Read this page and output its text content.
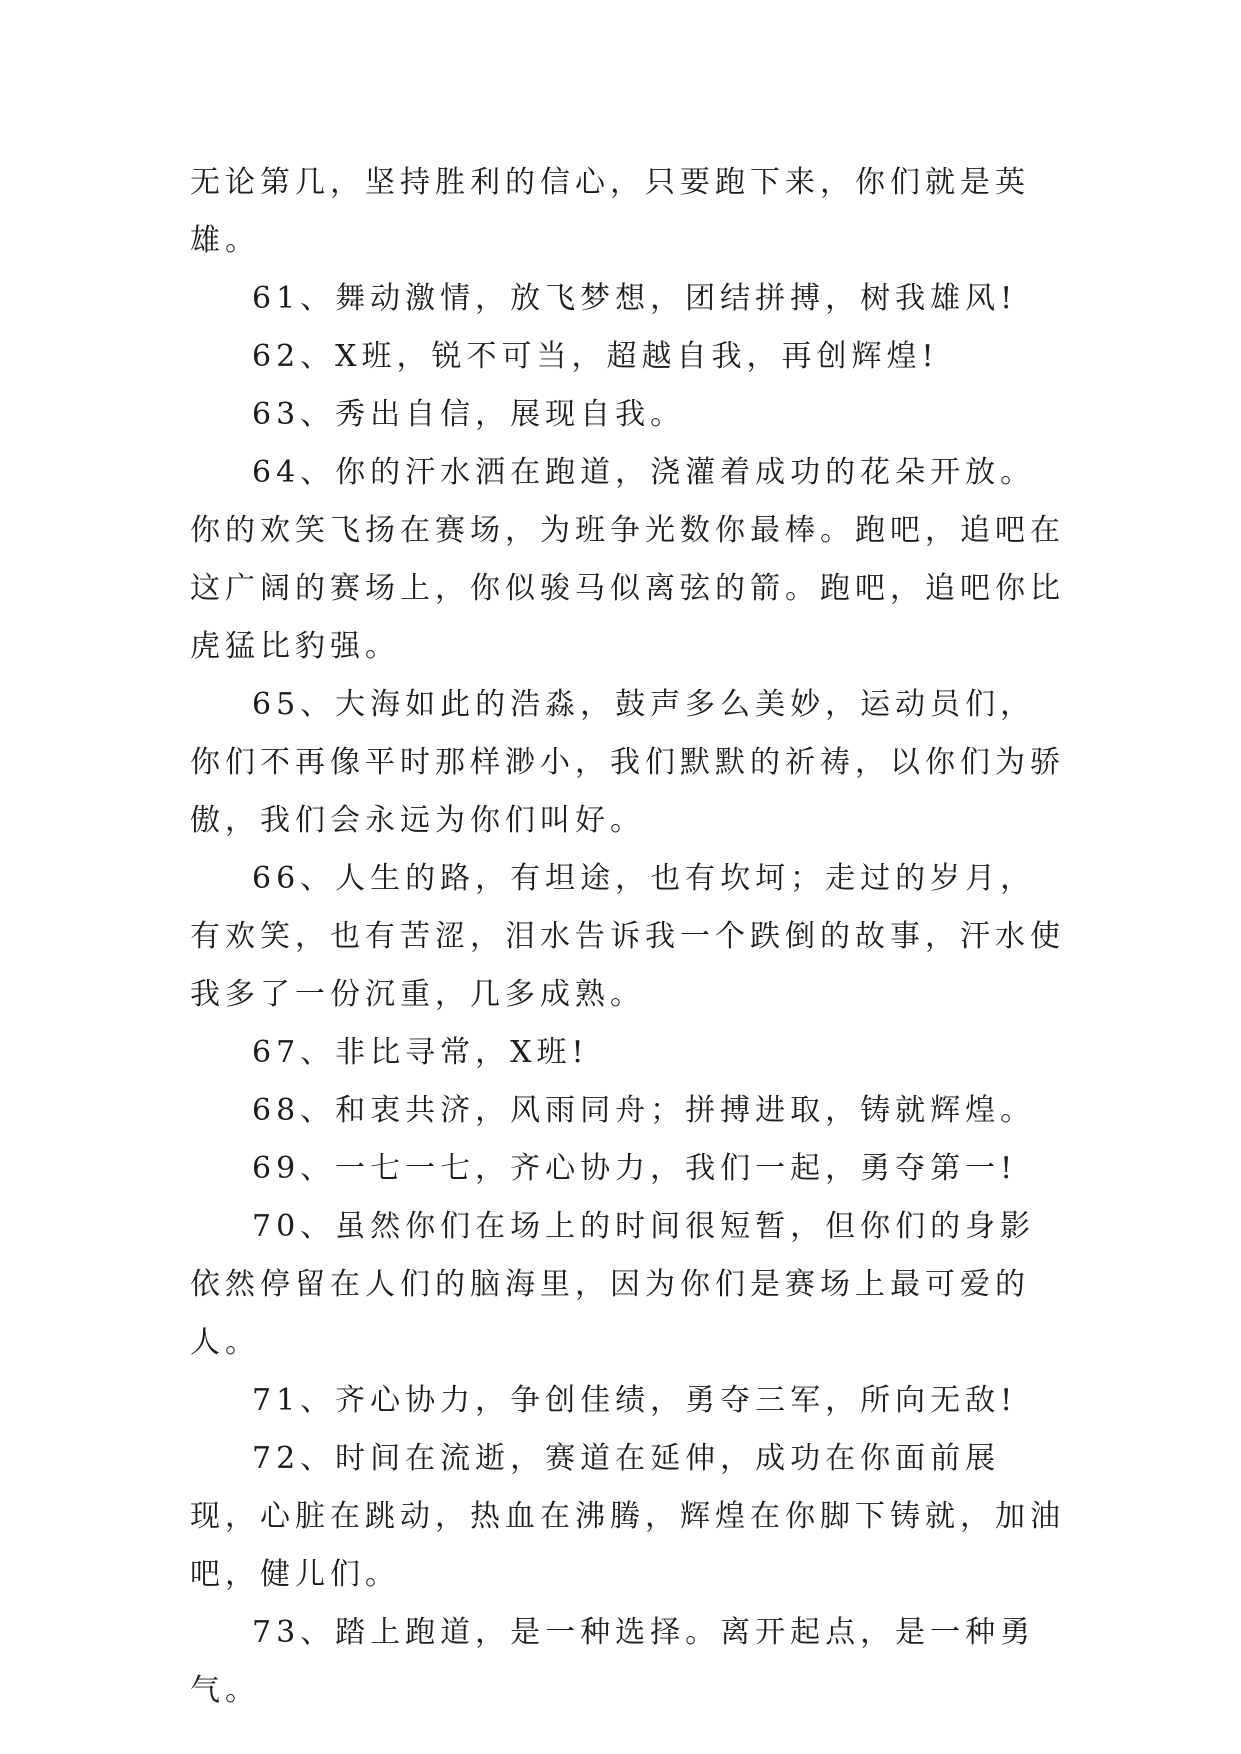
无论第几，坚持胜利的信心，只要跑下来，你们就是英雄。

61、舞动激情，放飞梦想，团结拼搏，树我雄风!

62、X班，锐不可当，超越自我，再创辉煌!

63、秀出自信，展现自我。

64、你的汗水洒在跑道，浇灌着成功的花朵开放。你的欢笑飞扬在赛场，为班争光数你最棒。跑吧，追吧在这广阔的赛场上，你似骏马似离弦的箭。跑吧，追吧你比虎猛比豹强。

65、大海如此的浩淼，鼓声多么美妙，运动员们，你们不再像平时那样渺小，我们默默的祈祷，以你们为骄傲，我们会永远为你们叫好。

66、人生的路，有坦途，也有坎坷；走过的岁月，有欢笑，也有苦涩，泪水告诉我一个跌倒的故事，汗水使我多了一份沉重，几多成熟。

67、非比寻常，X班!

68、和衷共济，风雨同舟；拼搏进取，铸就辉煌。

69、一七一七，齐心协力，我们一起，勇夺第一!

70、虽然你们在场上的时间很短暂，但你们的身影依然停留在人们的脑海里，因为你们是赛场上最可爱的人。

71、齐心协力，争创佳绩，勇夺三军，所向无敌!

72、时间在流逝，赛道在延伸，成功在你面前展现，心脏在跳动，热血在沸腾，辉煌在你脚下铸就，加油吧，健儿们。

73、踏上跑道，是一种选择。离开起点，是一种勇气。
